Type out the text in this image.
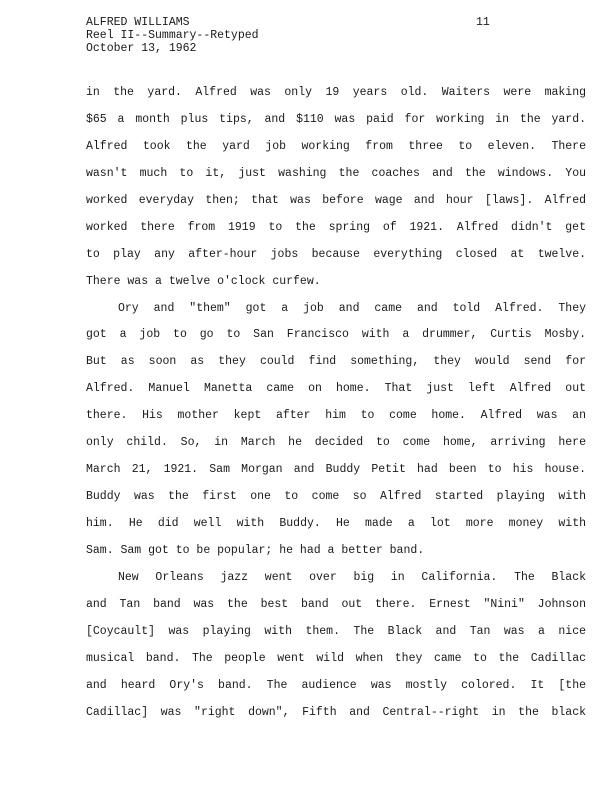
ALFRED WILLIAMS
Reel II--Summary--Retyped
October 13, 1962
11
in the yard. Alfred was only 19 years old. Waiters were making
$65 a month plus tips, and $110 was paid for working in the yard.
Alfred took the yard job working from three to eleven. There
wasn't much to it, just washing the coaches and the windows. You
worked everyday then; that was before wage and hour [laws]. Alfred
worked there from 1919 to the spring of 1921. Alfred didn't get
to play any after-hour jobs because everything closed at twelve.
There was a twelve o'clock curfew.
Ory and "them" got a job and came and told Alfred. They
got a job to go to San Francisco with a drummer, Curtis Mosby.
But as soon as they could find something, they would send for
Alfred. Manuel Manetta came on home. That just left Alfred out
there. His mother kept after him to come home. Alfred was an
only child. So, in March he decided to come home, arriving here
March 21, 1921. Sam Morgan and Buddy Petit had been to his house.
Buddy was the first one to come so Alfred started playing with
him. He did well with Buddy. He made a lot more money with
Sam. Sam got to be popular; he had a better band.
New Orleans jazz went over big in California. The Black
and Tan band was the best band out there. Ernest "Nini" Johnson
[Coycault] was playing with them. The Black and Tan was a nice
musical band. The people went wild when they came to the Cadillac
and heard Ory's band. The audience was mostly colored. It [the
Cadillac] was "right down", Fifth and Central--right in the black
